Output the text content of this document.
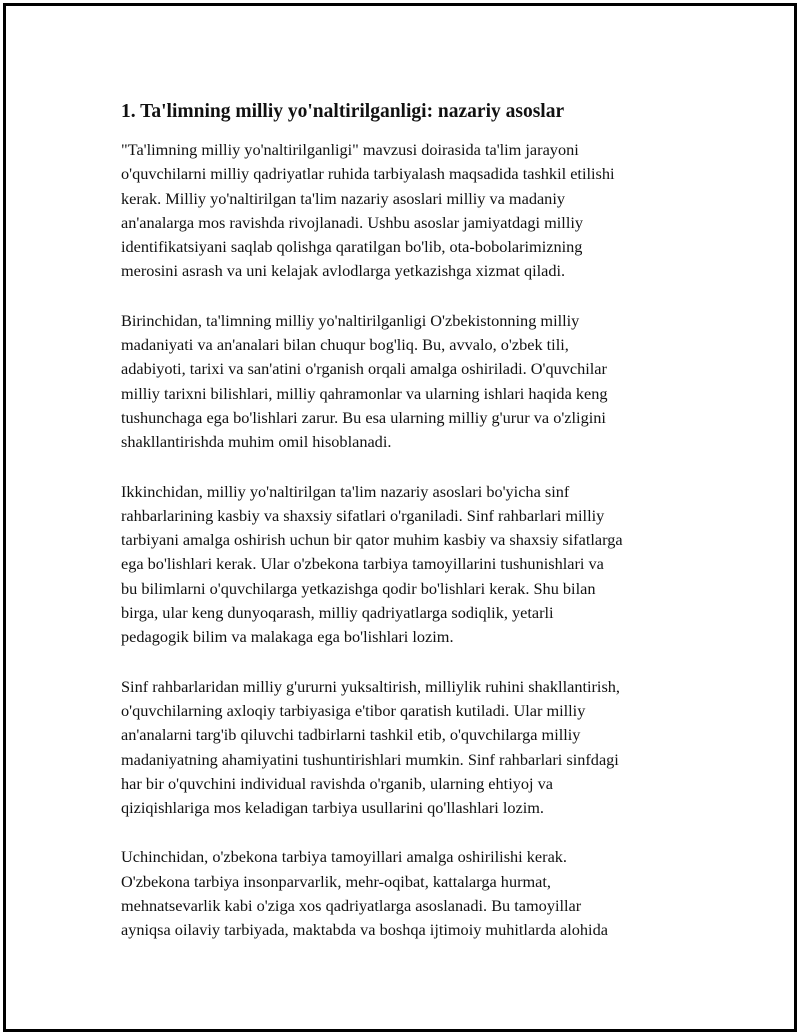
1. Ta'limning milliy yo'naltirilganligi: nazariy asoslar
"Ta'limning milliy yo'naltirilganligi" mavzusi doirasida ta'lim jarayoni
o'quvchilarni milliy qadriyatlar ruhida tarbiyalash maqsadida tashkil etilishi
kerak. Milliy yo'naltirilgan ta'lim nazariy asoslari milliy va madaniy
an'analarga mos ravishda rivojlanadi. Ushbu asoslar jamiyatdagi milliy
identifikatsiyani saqlab qolishga qaratilgan bo'lib, ota-bobolarimizning
merosini asrash va uni kelajak avlodlarga yetkazishga xizmat qiladi.
Birinchidan, ta'limning milliy yo'naltirilganligi O'zbekistonning milliy
madaniyati va an'analari bilan chuqur bog'liq. Bu, avvalo, o'zbek tili,
adabiyoti, tarixi va san'atini o'rganish orqali amalga oshiriladi. O'quvchilar
milliy tarixni bilishlari, milliy qahramonlar va ularning ishlari haqida keng
tushunchaga ega bo'lishlari zarur. Bu esa ularning milliy g'urur va o'zligini
shakllantirishda muhim omil hisoblanadi.
Ikkinchidan, milliy yo'naltirilgan ta'lim nazariy asoslari bo'yicha sinf
rahbarlarining kasbiy va shaxsiy sifatlari o'rganiladi. Sinf rahbarlari milliy
tarbiyani amalga oshirish uchun bir qator muhim kasbiy va shaxsiy sifatlarga
ega bo'lishlari kerak. Ular o'zbekona tarbiya tamoyillarini tushunishlari va
bu bilimlarni o'quvchilarga yetkazishga qodir bo'lishlari kerak. Shu bilan
birga, ular keng dunyoqarash, milliy qadriyatlarga sodiqlik, yetarli
pedagogik bilim va malakaga ega bo'lishlari lozim.
Sinf rahbarlaridan milliy g'ururni yuksaltirish, milliylik ruhini shakllantirish,
o'quvchilarning axloqiy tarbiyasiga e'tibor qaratish kutiladi. Ular milliy
an'analarni targ'ib qiluvchi tadbirlarni tashkil etib, o'quvchilarga milliy
madaniyatning ahamiyatini tushuntirishlari mumkin. Sinf rahbarlari sinfdagi
har bir o'quvchini individual ravishda o'rganib, ularning ehtiyoj va
qiziqishlariga mos keladigan tarbiya usullarini qo'llashlari lozim.
Uchinchidan, o'zbekona tarbiya tamoyillari amalga oshirilishi kerak.
O'zbekona tarbiya insonparvarlik, mehr-oqibat, kattalarga hurmat,
mehnatsevarlik kabi o'ziga xos qadriyatlarga asoslanadi. Bu tamoyillar
ayniqsa oilaviy tarbiyada, maktabda va boshqa ijtimoiy muhitlarda alohida
